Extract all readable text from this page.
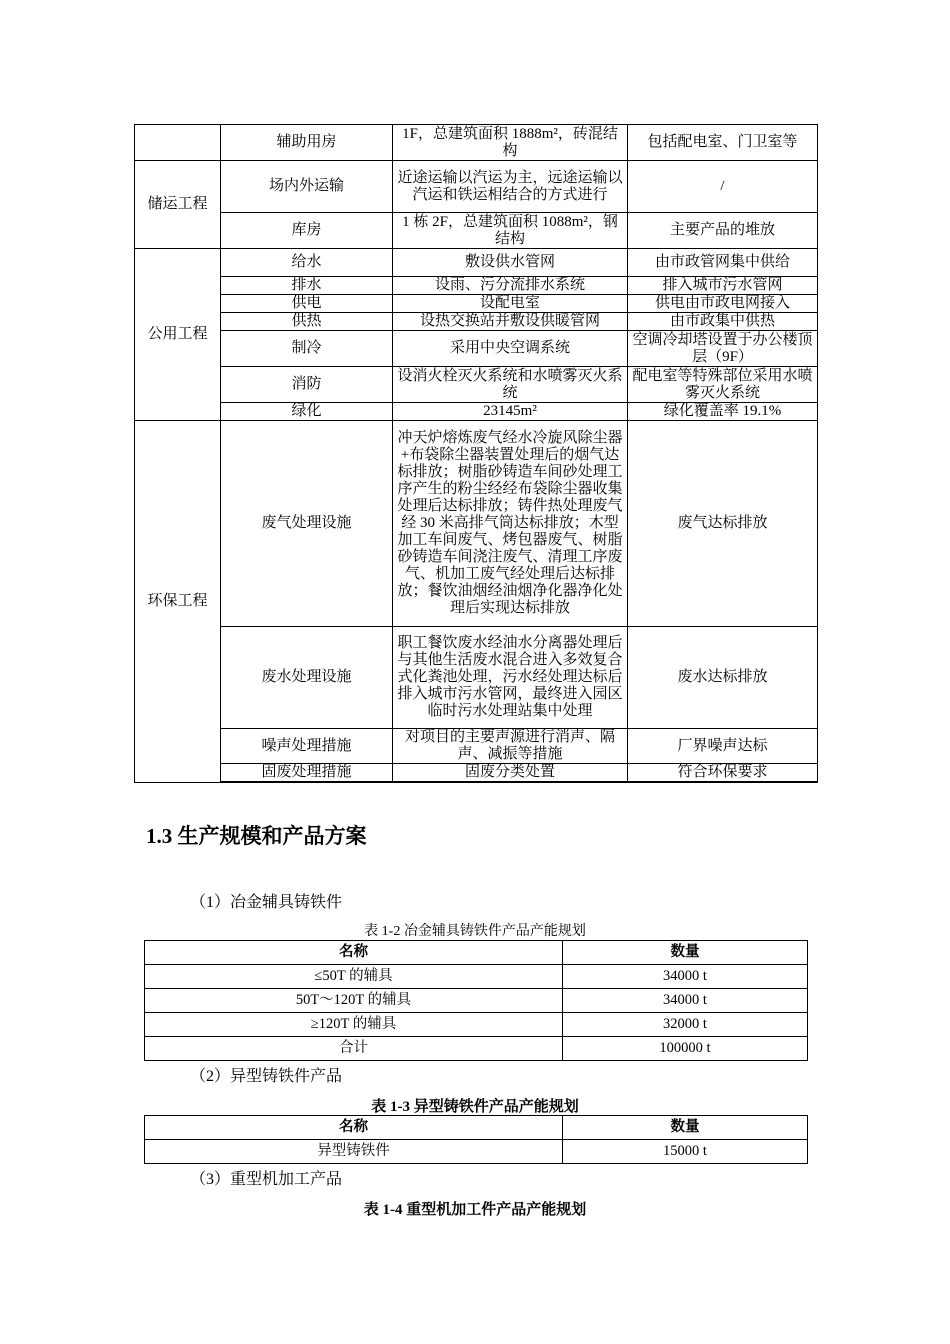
	辅助用房	1F，总建筑面积 1888m²，砖混结构	包括配电室、门卫室等
储运工程	场内外运输	近途运输以汽运为主，远途运输以汽运和铁运相结合的方式进行	/
	库房	1 栋 2F，总建筑面积 1088m²，钢结构	主要产品的堆放
公用工程	给水	敷设供水管网	由市政管网集中供给
	排水	设雨、污分流排水系统	排入城市污水管网
	供电	设配电室	供电由市政电网接入
	供热	设热交换站并敷设供暖管网	由市政集中供热
	制冷	采用中央空调系统	空调冷却塔设置于办公楼顶层（9F）
	消防	设消火栓灭火系统和水喷雾灭火系统	配电室等特殊部位采用水喷雾灭火系统
	绿化	23145m²	绿化覆盖率 19.1%
环保工程	废气处理设施	冲天炉熔炼废气经水冷旋风除尘器+布袋除尘器装置处理后的烟气达标排放；树脂砂铸造车间砂处理工序产生的粉尘经经布袋除尘器收集处理后达标排放；铸件热处理废气经 30 米高排气筒达标排放；木型加工车间废气、烤包器废气、树脂砂铸造车间浇注废气、清理工序废气、机加工废气经处理后达标排放；餐饮油烟经油烟净化器净化处理后实现达标排放	废气达标排放
	废水处理设施	职工餐饮废水经油水分离器处理后与其他生活废水混合进入多效复合式化粪池处理，污水经处理达标后排入城市污水管网，最终进入园区临时污水处理站集中处理	废水达标排放
	噪声处理措施	对项目的主要声源进行消声、隔声、减振等措施	厂界噪声达标
	固废处理措施	固废分类处置	符合环保要求
1.3 生产规模和产品方案
（1）冶金辅具铸铁件
表 1-2 冶金辅具铸铁件产品产能规划
名称	数量
≤50T 的辅具	34000 t
50T～120T 的辅具	34000 t
≥120T 的辅具	32000 t
合计	100000 t
（2）异型铸铁件产品
表 1-3 异型铸铁件产品产能规划
名称	数量
异型铸铁件	15000 t
（3）重型机加工产品
表 1-4 重型机加工件产品产能规划
